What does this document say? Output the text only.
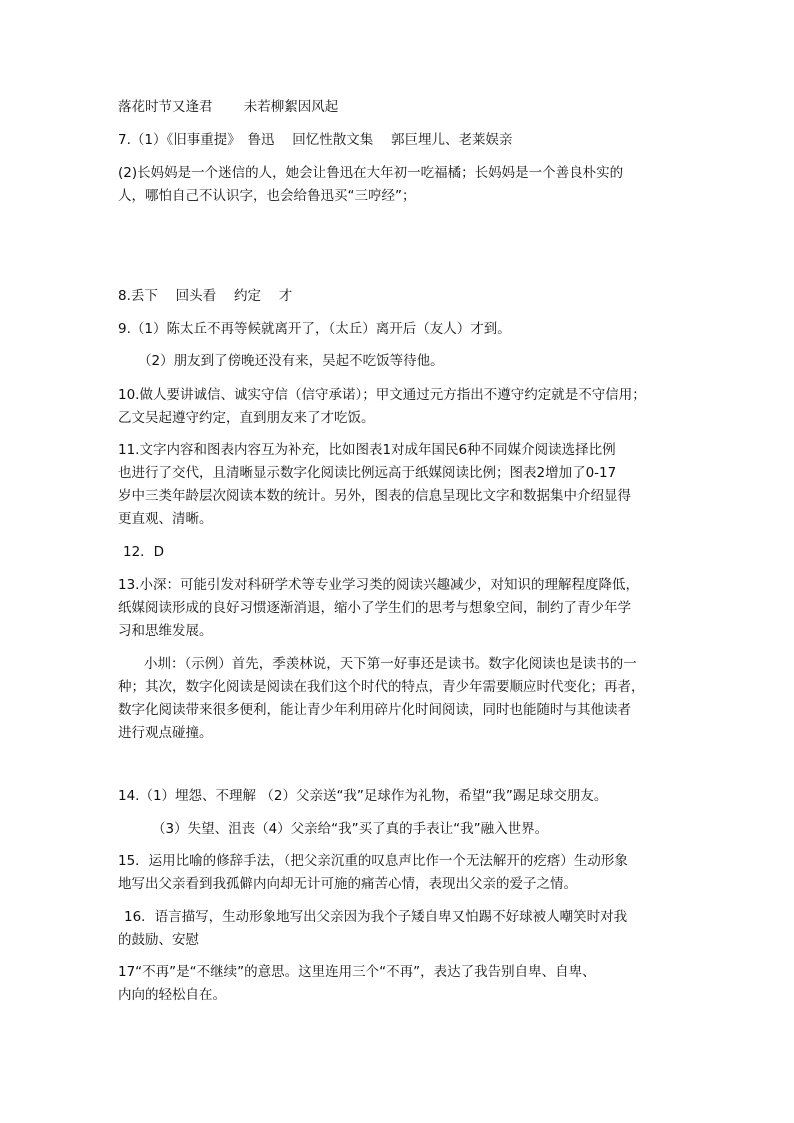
落花时节又逢君 　　未若柳絮因风起
7.（1）《旧事重提》　鲁迅　 回忆性散文集　 郭巨埋儿、老莱娱亲
(2)长妈妈是一个迷信的人，她会让鲁迅在大年初一吃福橘；长妈妈是一个善良朴实的
人，哪怕自己不认识字，也会给鲁迅买“三哼经”；
8.丢下　 回头看　 约定　 才
9.（1）陈太丘不再等候就离开了，（太丘）离开后（友人）才到。
（2）朋友到了傍晚还没有来，吴起不吃饭等待他。
10.做人要讲诚信、诚实守信（信守承诺）；甲文通过元方指出不遵守约定就是不守信用；
乙文吴起遵守约定，直到朋友来了才吃饭。
11.文字内容和图表内容互为补充，比如图表1对成年国民6种不同媒介阅读选择比例
也进行了交代，且清晰显示数字化阅读比例远高于纸媒阅读比例；图表2增加了0-17
岁中三类年龄层次阅读本数的统计。另外，图表的信息呈现比文字和数据集中介绍显得
更直观、清晰。
12．D
13.小深：可能引发对科研学术等专业学习类的阅读兴趣减少，对知识的理解程度降低，
纸媒阅读形成的良好习惯逐渐消退，缩小了学生们的思考与想象空间，制约了青少年学
习和思维发展。
小圳：（示例）首先，季羡林说，天下第一好事还是读书。数字化阅读也是读书的一
种；其次，数字化阅读是阅读在我们这个时代的特点，青少年需要顺应时代变化；再者，
数字化阅读带来很多便利，能让青少年利用碎片化时间阅读，同时也能随时与其他读者
进行观点碰撞。
14.（1）埋怨、不理解 （2）父亲送“我”足球作为礼物，希望“我”踢足球交朋友。
（3）失望、沮丧（4）父亲给“我”买了真的手表让“我”融入世界。
15．运用比喻的修辞手法，（把父亲沉重的叹息声比作一个无法解开的疙瘩）生动形象
地写出父亲看到我孤僻内向却无计可施的痛苦心情，表现出父亲的爱子之情。
16．语言描写，生动形象地写出父亲因为我个子矮自卑又怕踢不好球被人嘲笑时对我
的鼓励、安慰
17“不再”是“不继续”的意思。这里连用三个“不再”，表达了我告别自卑、自卑、
内向的轻松自在。
